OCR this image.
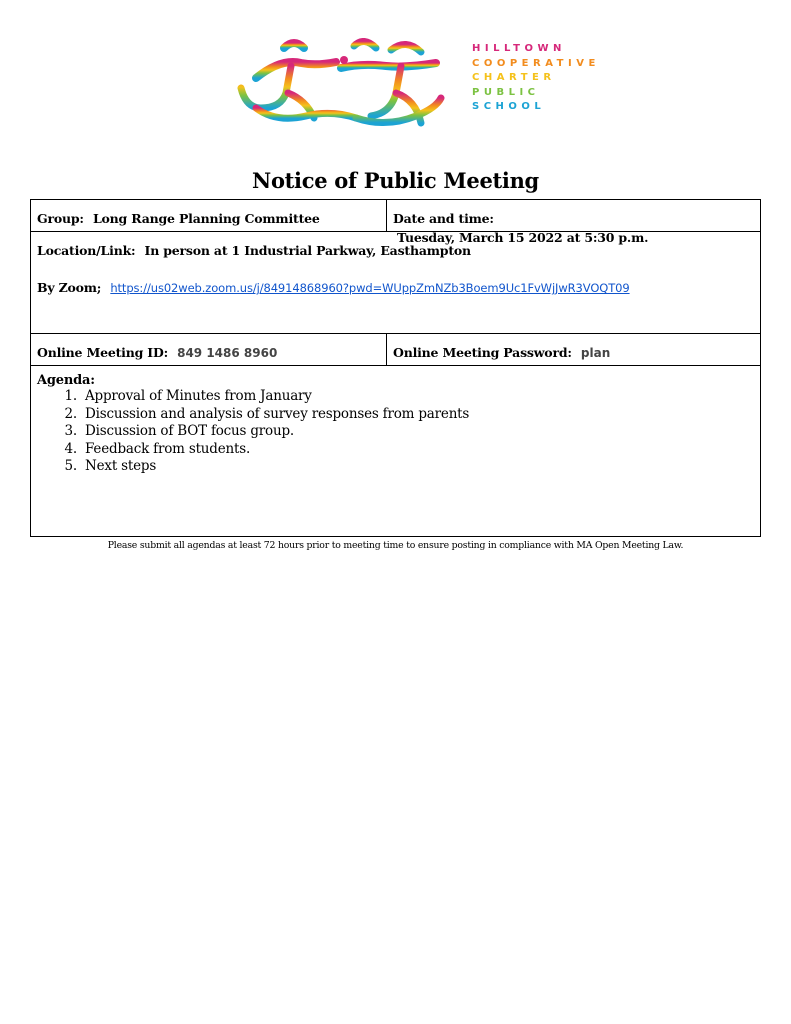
HILLTOWN
COOPERATIVE
CHARTER
PUBLIC
SCHOOL
Notice of Public Meeting
Group: Long Range Planning Committee	Date and time: Tuesday, March 15 2022 at 5:30 p.m.
Location/Link: In person at 1 Industrial Parkway, Easthampton
By Zoom; https://us02web.zoom.us/j/84914868960?pwd=WUppZmNZb3Boem9Uc1FvWjJwR3VOQT09
Online Meeting ID: 849 1486 8960	Online Meeting Password: plan
Agenda:
1. Approval of Minutes from January
2. Discussion and analysis of survey responses from parents
3. Discussion of BOT focus group.
4. Feedback from students.
5. Next steps
Please submit all agendas at least 72 hours prior to meeting time to ensure posting in compliance with MA Open Meeting Law.
